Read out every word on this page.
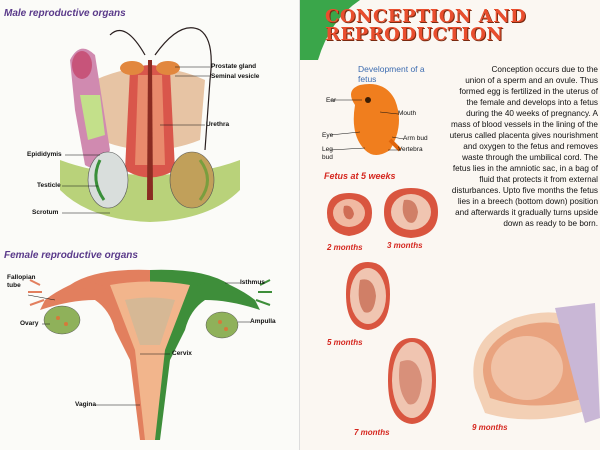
Male reproductive organs
Prostate gland
Seminal vesicle
Urethra
Epididymis
Testicle
Scrotum
Female reproductive organs
Fallopian
tube	Isthmus
Ovary	Ampulla
Cervix
Vagina
CONCEPTION AND
REPRODUCTION
Development of a fetus
Ear
Eye
Leg
bud
Mouth
Arm bud
Vertebra
Fetus at 5 weeks
Conception occurs due to the union of a sperm and an ovule. Thus formed egg is fertilized in the uterus of the female and develops into a fetus during the 40 weeks of pregnancy. A mass of blood vessels in the lining of the uterus called placenta gives nourishment and oxygen to the fetus and removes waste through the umbilical cord. The fetus lies in the amniotic sac, in a bag of fluid that protects it from external disturbances. Upto five months the fetus lies in a breech (bottom down) position and afterwards it gradually turns upside down as ready to be born.
2 months	3 months
5 months
7 months
9 months
